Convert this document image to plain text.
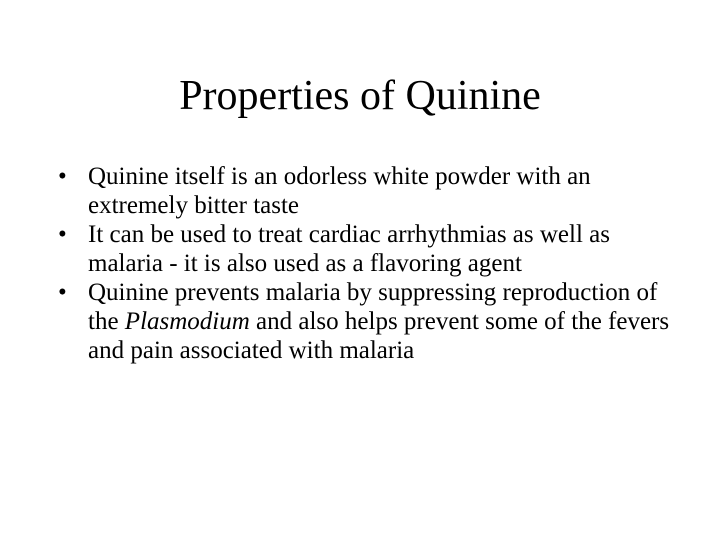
Properties of Quinine
• Quinine itself is an odorless white powder with an extremely bitter taste
• It can be used to treat cardiac arrhythmias as well as malaria - it is also used as a flavoring agent
• Quinine prevents malaria by suppressing reproduction of the Plasmodium and also helps prevent some of the fevers and pain associated with malaria
